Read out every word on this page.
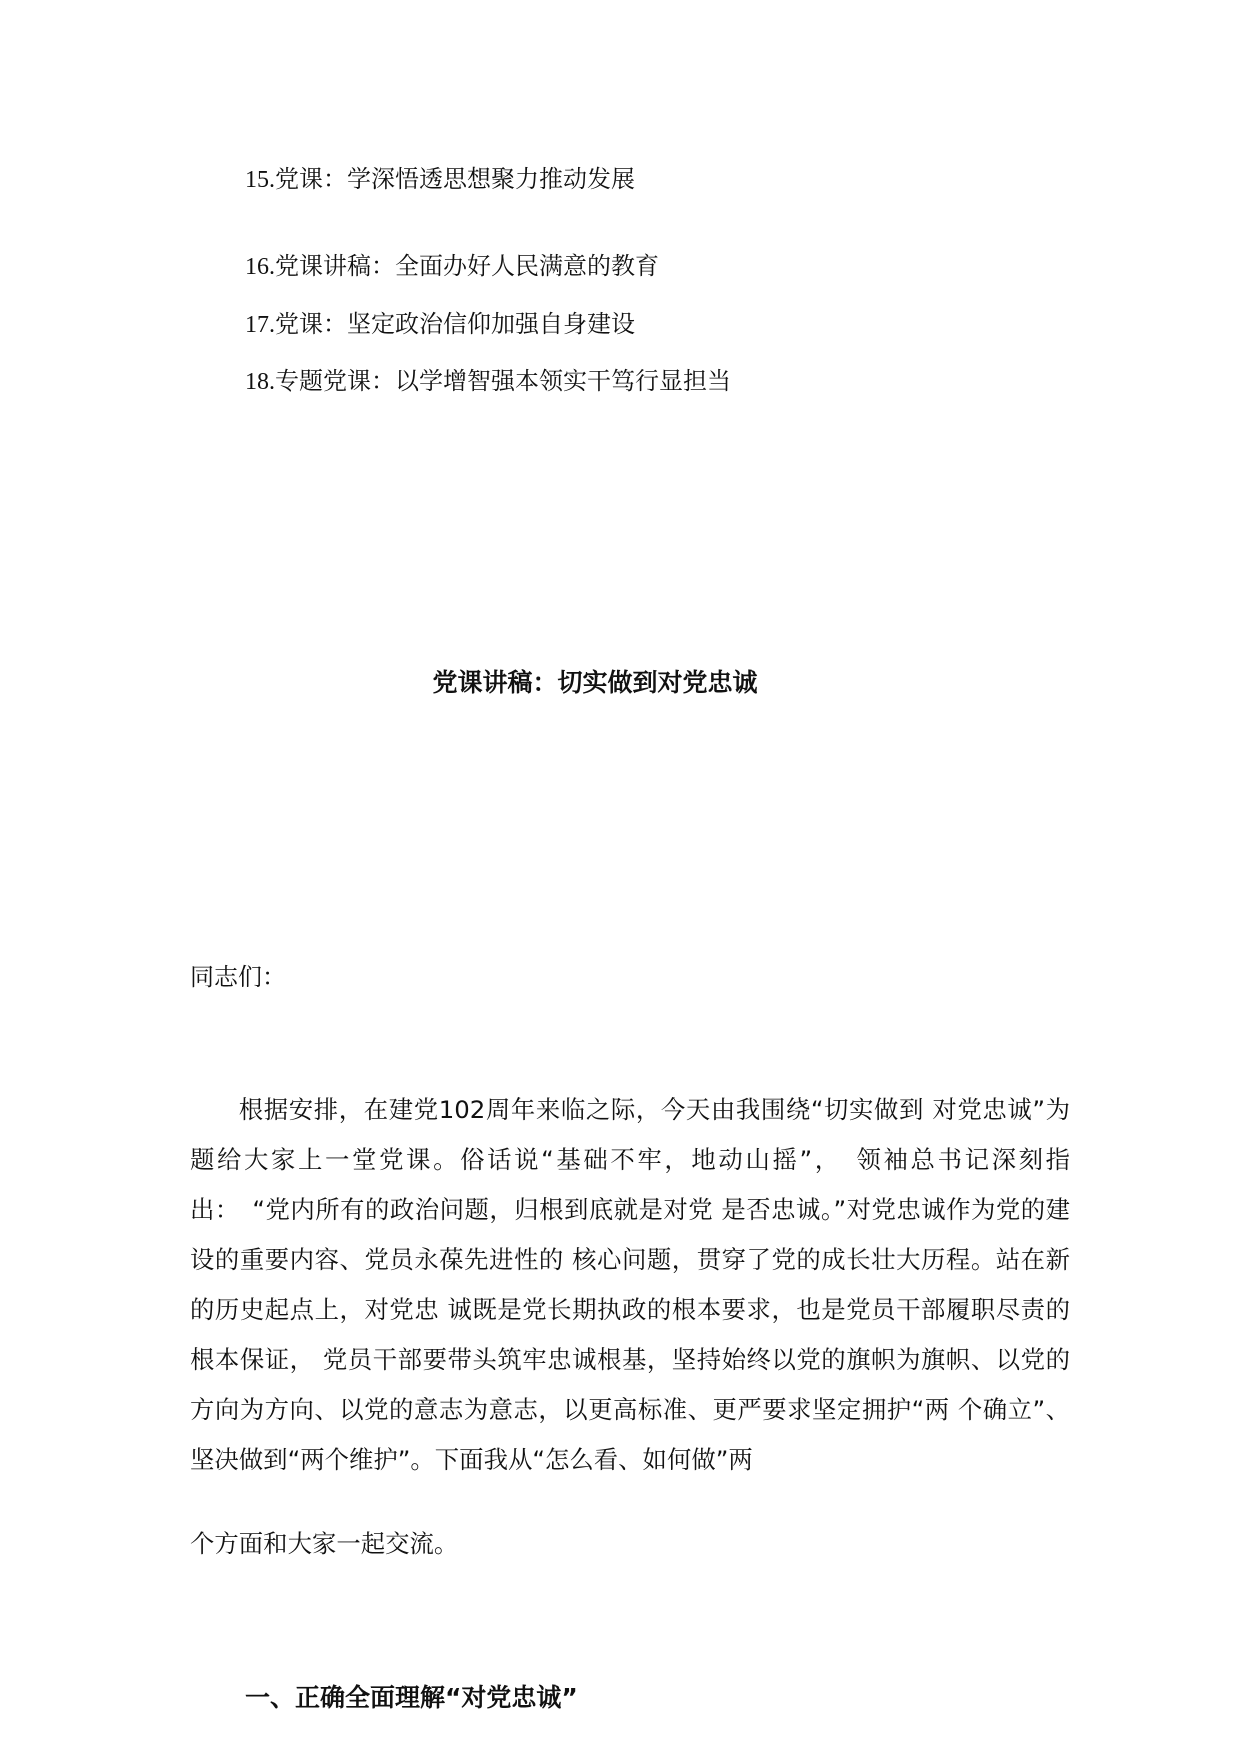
15.党课：学深悟透思想聚力推动发展
16.党课讲稿：全面办好人民满意的教育
17.党课：坚定政治信仰加强自身建设
18.专题党课：以学增智强本领实干笃行显担当
党课讲稿：切实做到对党忠诚
同志们：

根据安排，在建党102周年来临之际，今天由我围绕“切实做到 对党忠诚”为题给大家上一堂党课。俗话说“基础不牢，地动山摇”，　领袖总书记深刻指出：　“党内所有的政治问题，归根到底就是对党 是否忠诚。”对党忠诚作为党的建设的重要内容、党员永葆先进性的 核心问题，贯穿了党的成长壮大历程。站在新的历史起点上，对党忠 诚既是党长期执政的根本要求，也是党员干部履职尽责的根本保证， 党员干部要带头筑牢忠诚根基，坚持始终以党的旗帜为旗帜、以党的 方向为方向、以党的意志为意志，以更高标准、更严要求坚定拥护“两 个确立”、坚决做到“两个维护”。下面我从“怎么看、如何做”两

个方面和大家一起交流。
一、正确全面理解“对党忠诚”
